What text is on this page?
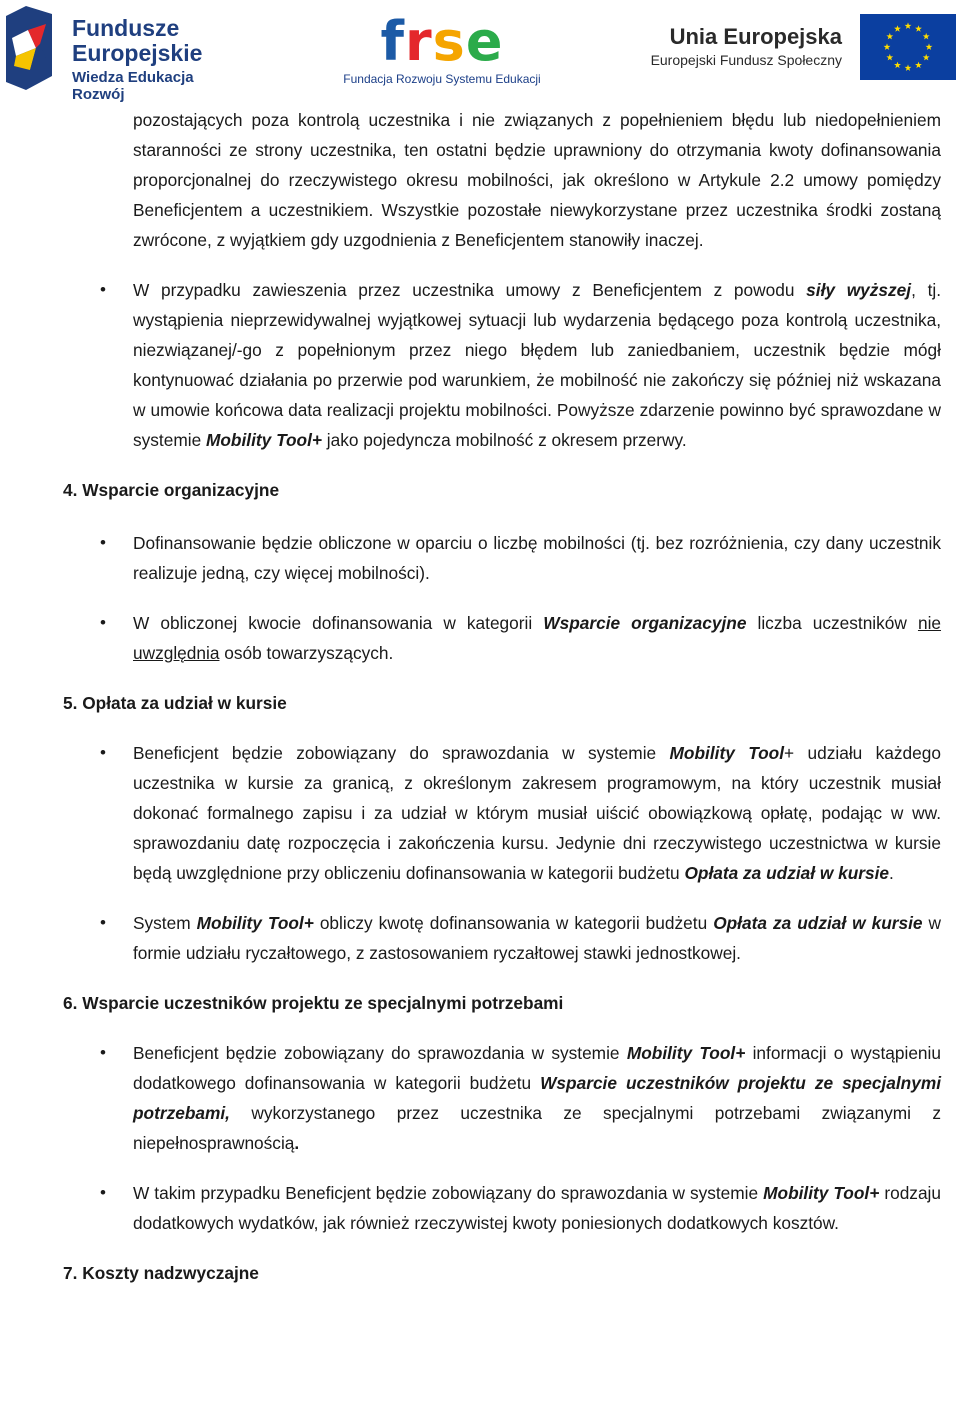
Fundusze
Europejskie
Wiedza Edukacja Rozwój
frse
Fundacja Rozwoju Systemu Edukacji
Unia Europejska
Europejski Fundusz Społeczny

pozostających poza kontrolą uczestnika i nie związanych z popełnieniem błędu lub niedopełnieniem staranności ze strony uczestnika, ten ostatni będzie uprawniony do otrzymania kwoty dofinansowania proporcjonalnej do rzeczywistego okresu mobilności, jak określono w Artykule 2.2 umowy pomiędzy Beneficjentem a uczestnikiem. Wszystkie pozostałe niewykorzystane przez uczestnika środki zostaną zwrócone, z wyjątkiem gdy uzgodnienia z Beneficjentem stanowiły inaczej.

• W przypadku zawieszenia przez uczestnika umowy z Beneficjentem z powodu siły wyższej, tj. wystąpienia nieprzewidywalnej wyjątkowej sytuacji lub wydarzenia będącego poza kontrolą uczestnika, niezwiązanej/-go z popełnionym przez niego błędem lub zaniedbaniem, uczestnik będzie mógł kontynuować działania po przerwie pod warunkiem, że mobilność nie zakończy się później niż wskazana w umowie końcowa data realizacji projektu mobilności. Powyższe zdarzenie powinno być sprawozdane w systemie Mobility Tool+ jako pojedyncza mobilność z okresem przerwy.

4. Wsparcie organizacyjne
• Dofinansowanie będzie obliczone w oparciu o liczbę mobilności (tj. bez rozróżnienia, czy dany uczestnik realizuje jedną, czy więcej mobilności).

• W obliczonej kwocie dofinansowania w kategorii Wsparcie organizacyjne liczba uczestników nie uwzględnia osób towarzyszących.

5. Opłata za udział w kursie
• Beneficjent będzie zobowiązany do sprawozdania w systemie Mobility Tool+ udziału każdego uczestnika w kursie za granicą, z określonym zakresem programowym, na który uczestnik musiał dokonać formalnego zapisu i za udział w którym musiał uiścić obowiązkową opłatę, podając w ww. sprawozdaniu datę rozpoczęcia i zakończenia kursu. Jedynie dni rzeczywistego uczestnictwa w kursie będą uwzględnione przy obliczeniu dofinansowania w kategorii budżetu Opłata za udział w kursie.

• System Mobility Tool+ obliczy kwotę dofinansowania w kategorii budżetu Opłata za udział w kursie w formie udziału ryczałtowego, z zastosowaniem ryczałtowej stawki jednostkowej.

6. Wsparcie uczestników projektu ze specjalnymi potrzebami
• Beneficjent będzie zobowiązany do sprawozdania w systemie Mobility Tool+ informacji o wystąpieniu dodatkowego dofinansowania w kategorii budżetu Wsparcie uczestników projektu ze specjalnymi potrzebami, wykorzystanego przez uczestnika ze specjalnymi potrzebami związanymi z niepełnosprawnością.

• W takim przypadku Beneficjent będzie zobowiązany do sprawozdania w systemie Mobility Tool+ rodzaju dodatkowych wydatków, jak również rzeczywistej kwoty poniesionych dodatkowych kosztów.

7. Koszty nadzwyczajne
